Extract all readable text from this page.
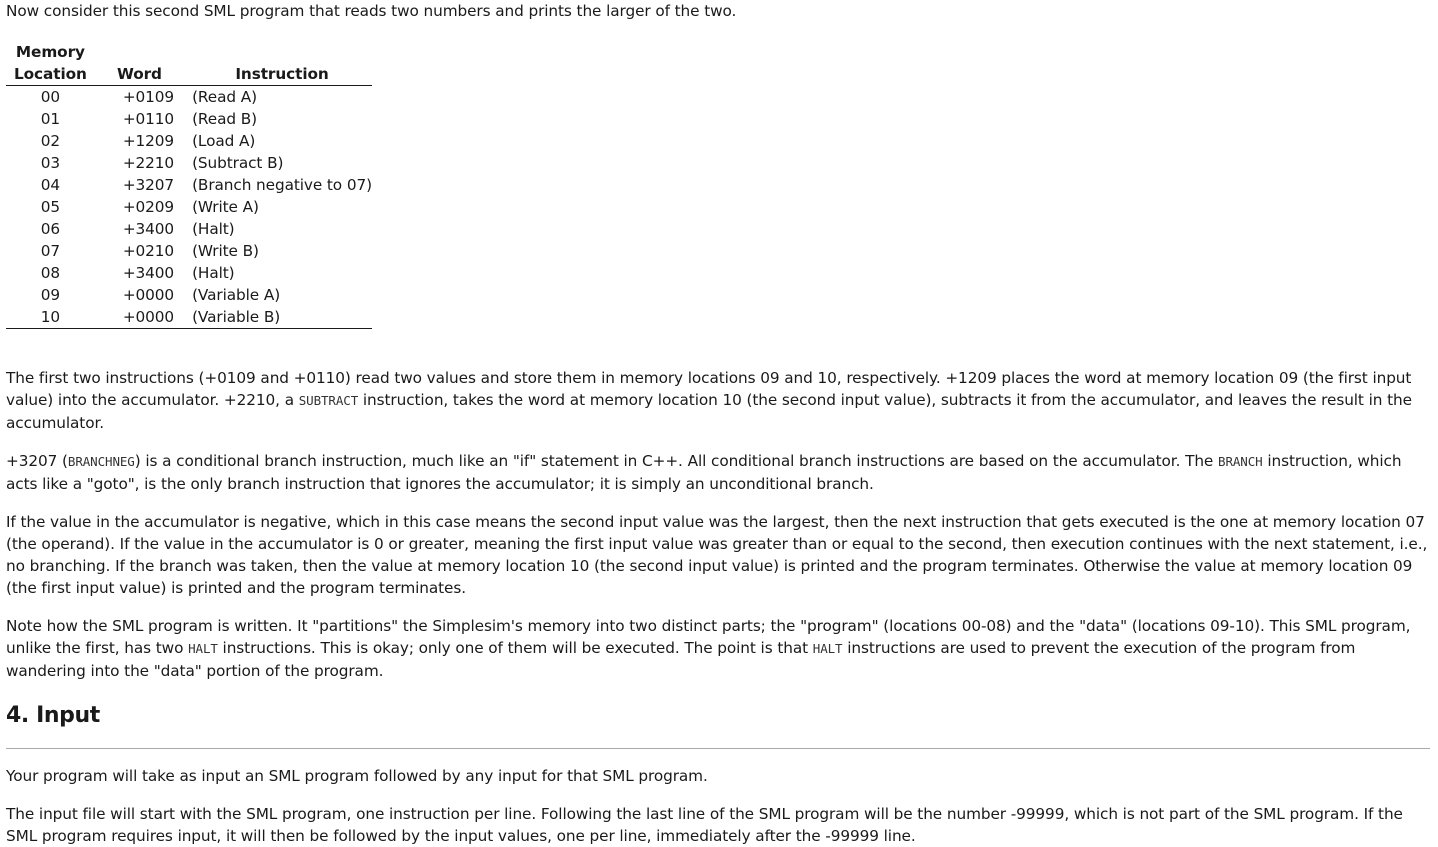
Now consider this second SML program that reads two numbers and prints the larger of the two.

Memory
Location	Word	Instruction
00	+0109	(Read A)
01	+0110	(Read B)
02	+1209	(Load A)
03	+2210	(Subtract B)
04	+3207	(Branch negative to 07)
05	+0209	(Write A)
06	+3400	(Halt)
07	+0210	(Write B)
08	+3400	(Halt)
09	+0000	(Variable A)
10	+0000	(Variable B)

The first two instructions (+0109 and +0110) read two values and store them in memory locations 09 and 10, respectively. +1209 places the word at memory location 09 (the first input value) into the accumulator. +2210, a SUBTRACT instruction, takes the word at memory location 10 (the second input value), subtracts it from the accumulator, and leaves the result in the accumulator.

+3207 (BRANCHNEG) is a conditional branch instruction, much like an "if" statement in C++. All conditional branch instructions are based on the accumulator. The BRANCH instruction, which acts like a "goto", is the only branch instruction that ignores the accumulator; it is simply an unconditional branch.

If the value in the accumulator is negative, which in this case means the second input value was the largest, then the next instruction that gets executed is the one at memory location 07 (the operand). If the value in the accumulator is 0 or greater, meaning the first input value was greater than or equal to the second, then execution continues with the next statement, i.e., no branching. If the branch was taken, then the value at memory location 10 (the second input value) is printed and the program terminates. Otherwise the value at memory location 09 (the first input value) is printed and the program terminates.

Note how the SML program is written. It "partitions" the Simplesim's memory into two distinct parts; the "program" (locations 00-08) and the "data" (locations 09-10). This SML program, unlike the first, has two HALT instructions. This is okay; only one of them will be executed. The point is that HALT instructions are used to prevent the execution of the program from wandering into the "data" portion of the program.

4. Input

Your program will take as input an SML program followed by any input for that SML program.

The input file will start with the SML program, one instruction per line. Following the last line of the SML program will be the number -99999, which is not part of the SML program. If the SML program requires input, it will then be followed by the input values, one per line, immediately after the -99999 line.
